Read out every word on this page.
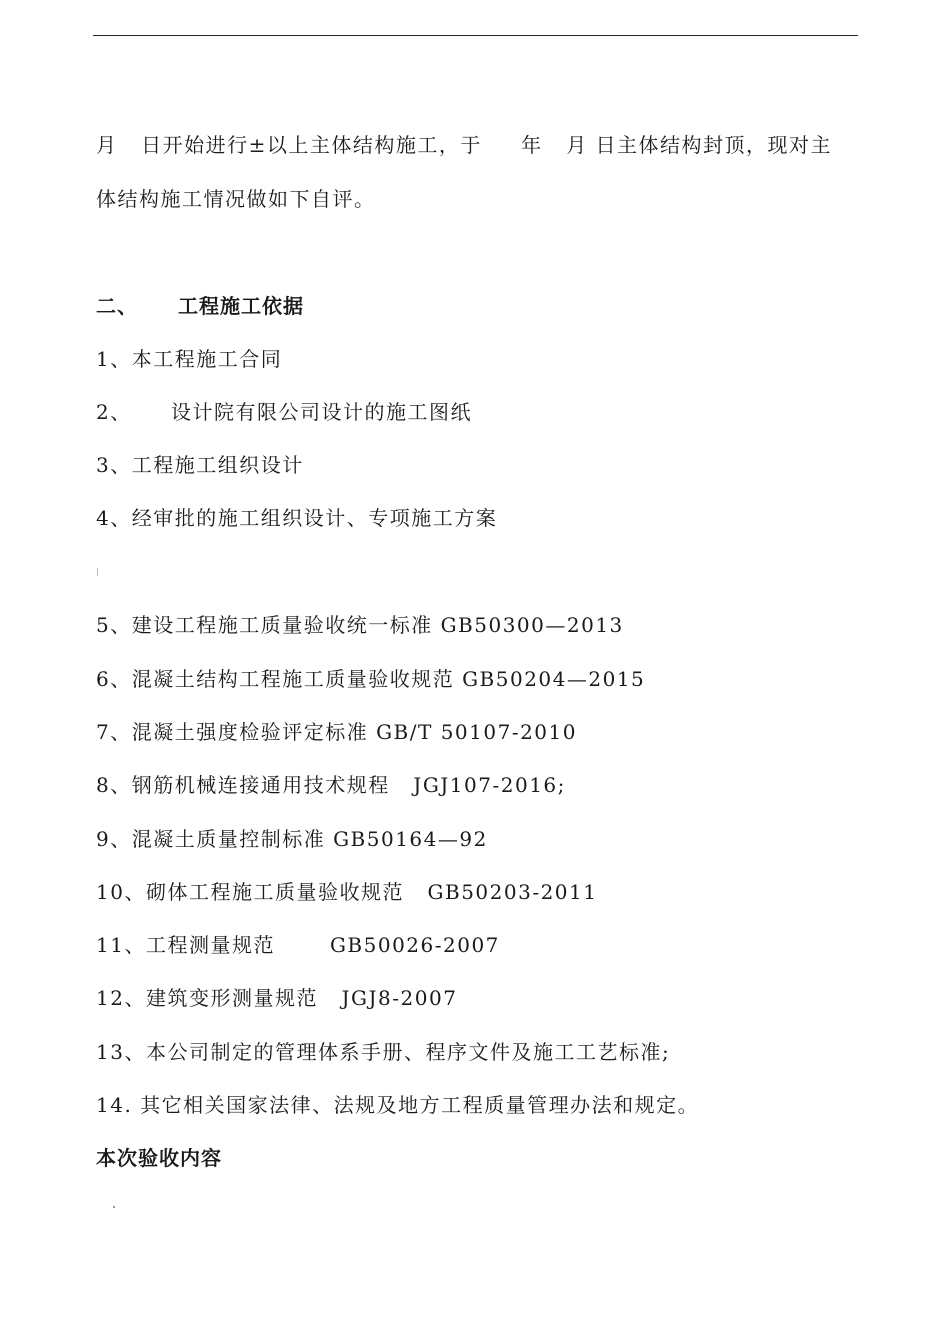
月   日开始进行±以上主体结构施工，于     年   月 日主体结构封顶，现对主
体结构施工情况做如下自评。
二、 工程施工依据
1、本工程施工合同
2、     设计院有限公司设计的施工图纸
3、工程施工组织设计
4、经审批的施工组织设计、专项施工方案
5、建设工程施工质量验收统一标准 GB50300—2013
6、混凝土结构工程施工质量验收规范 GB50204—2015
7、混凝土强度检验评定标准 GB/T 50107-2010
8、钢筋机械连接通用技术规程   JGJ107-2016;
9、混凝土质量控制标准 GB50164—92
10、砌体工程施工质量验收规范   GB50203-2011
11、工程测量规范       GB50026-2007
12、建筑变形测量规范   JGJ8-2007
13、本公司制定的管理体系手册、程序文件及施工工艺标准;
14. 其它相关国家法律、法规及地方工程质量管理办法和规定。
本次验收内容
